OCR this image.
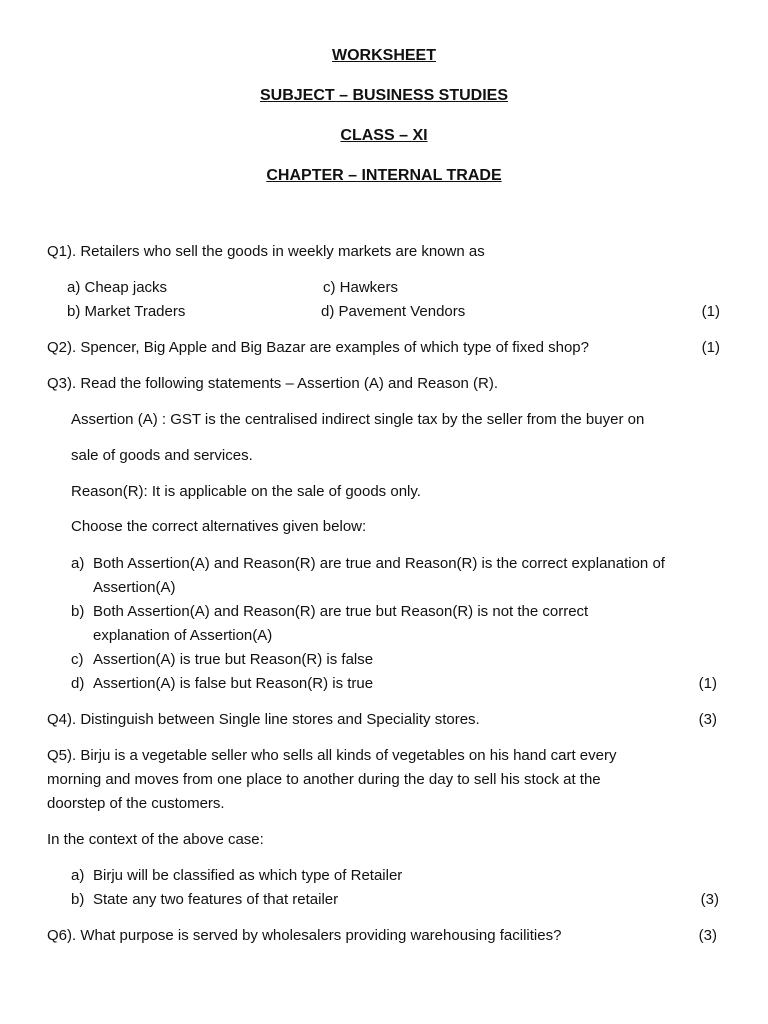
WORKSHEET
SUBJECT – BUSINESS STUDIES
CLASS – XI
CHAPTER – INTERNAL TRADE
Q1). Retailers who sell the goods in weekly markets are known as
a) Cheap jacks	c) Hawkers
b) Market Traders	d) Pavement Vendors	(1)
Q2). Spencer, Big Apple and Big Bazar are examples of which type of fixed shop?	(1)
Q3). Read the following statements – Assertion (A) and Reason (R).
Assertion (A) : GST is the centralised indirect single tax by the seller from the buyer on
sale of goods and services.
Reason(R): It is applicable on the sale of goods only.
Choose the correct alternatives given below:
a) Both Assertion(A) and Reason(R) are true and Reason(R) is the correct explanation of
Assertion(A)
b) Both Assertion(A) and Reason(R) are true but Reason(R) is not the correct
explanation of Assertion(A)
c) Assertion(A) is true but Reason(R) is false
d) Assertion(A) is false but Reason(R) is true	(1)
Q4). Distinguish between Single line stores and Speciality stores.	(3)
Q5). Birju is a vegetable seller who sells all kinds of vegetables on his hand cart every
morning and moves from one place to another during the day to sell his stock at the
doorstep of the customers.
In the context of the above case:
a) Birju will be classified as which type of Retailer
b) State any two features of that retailer	(3)
Q6). What purpose is served by wholesalers providing warehousing facilities?	(3)
